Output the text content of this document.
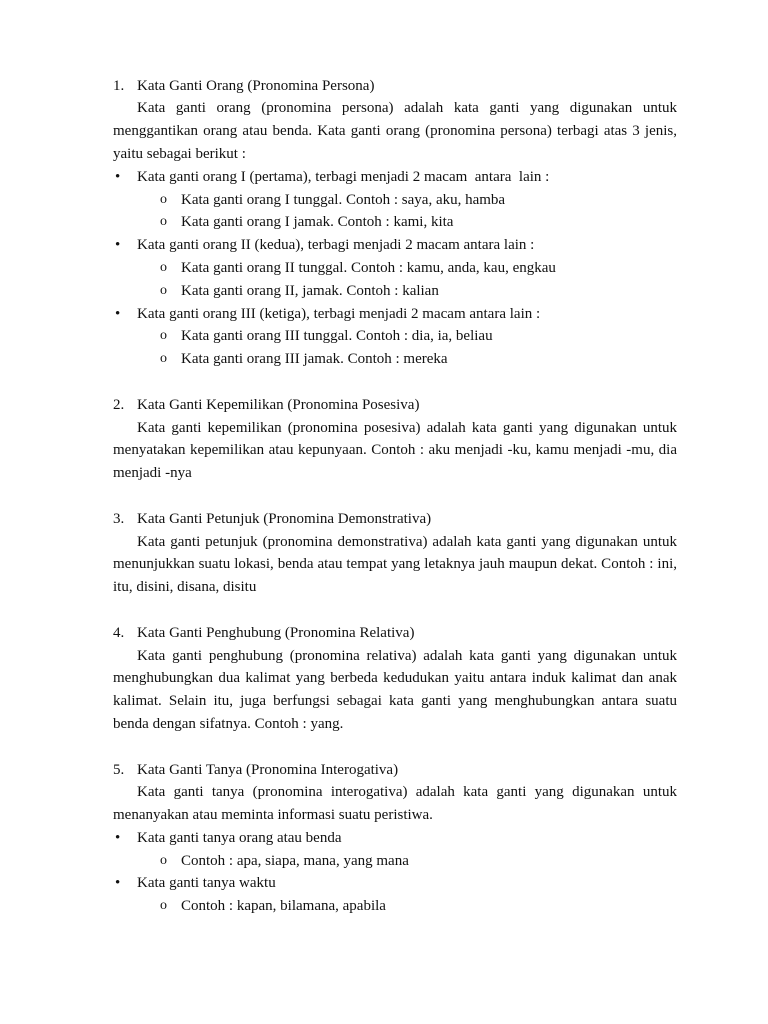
1. Kata Ganti Orang (Pronomina Persona)
Kata ganti orang (pronomina persona) adalah kata ganti yang digunakan untuk
menggantikan orang atau benda. Kata ganti orang (pronomina persona) terbagi atas 3 jenis,
yaitu sebagai berikut :
• Kata ganti orang I (pertama), terbagi menjadi 2 macam  antara  lain :
o Kata ganti orang I tunggal. Contoh : saya, aku, hamba
o Kata ganti orang I jamak. Contoh : kami, kita
• Kata ganti orang II (kedua), terbagi menjadi 2 macam antara lain :
o Kata ganti orang II tunggal. Contoh : kamu, anda, kau, engkau
o Kata ganti orang II, jamak. Contoh : kalian
• Kata ganti orang III (ketiga), terbagi menjadi 2 macam antara lain :
o Kata ganti orang III tunggal. Contoh : dia, ia, beliau
o Kata ganti orang III jamak. Contoh : mereka
2. Kata Ganti Kepemilikan (Pronomina Posesiva)
Kata ganti kepemilikan (pronomina posesiva) adalah kata ganti yang digunakan untuk
menyatakan kepemilikan atau kepunyaan. Contoh : aku menjadi -ku, kamu menjadi -mu, dia
menjadi -nya
3. Kata Ganti Petunjuk (Pronomina Demonstrativa)
Kata ganti petunjuk (pronomina demonstrativa) adalah kata ganti yang digunakan untuk
menunjukkan suatu lokasi, benda atau tempat yang letaknya jauh maupun dekat. Contoh : ini,
itu, disini, disana, disitu
4. Kata Ganti Penghubung (Pronomina Relativa)
Kata ganti penghubung (pronomina relativa) adalah kata ganti yang digunakan untuk
menghubungkan dua kalimat yang berbeda kedudukan yaitu antara induk kalimat dan anak
kalimat. Selain itu, juga berfungsi sebagai kata ganti yang menghubungkan antara suatu
benda dengan sifatnya. Contoh : yang.
5. Kata Ganti Tanya (Pronomina Interogativa)
Kata ganti tanya (pronomina interogativa) adalah kata ganti yang digunakan untuk
menanyakan atau meminta informasi suatu peristiwa.
• Kata ganti tanya orang atau benda
o Contoh : apa, siapa, mana, yang mana
• Kata ganti tanya waktu
o Contoh : kapan, bilamana, apabila
